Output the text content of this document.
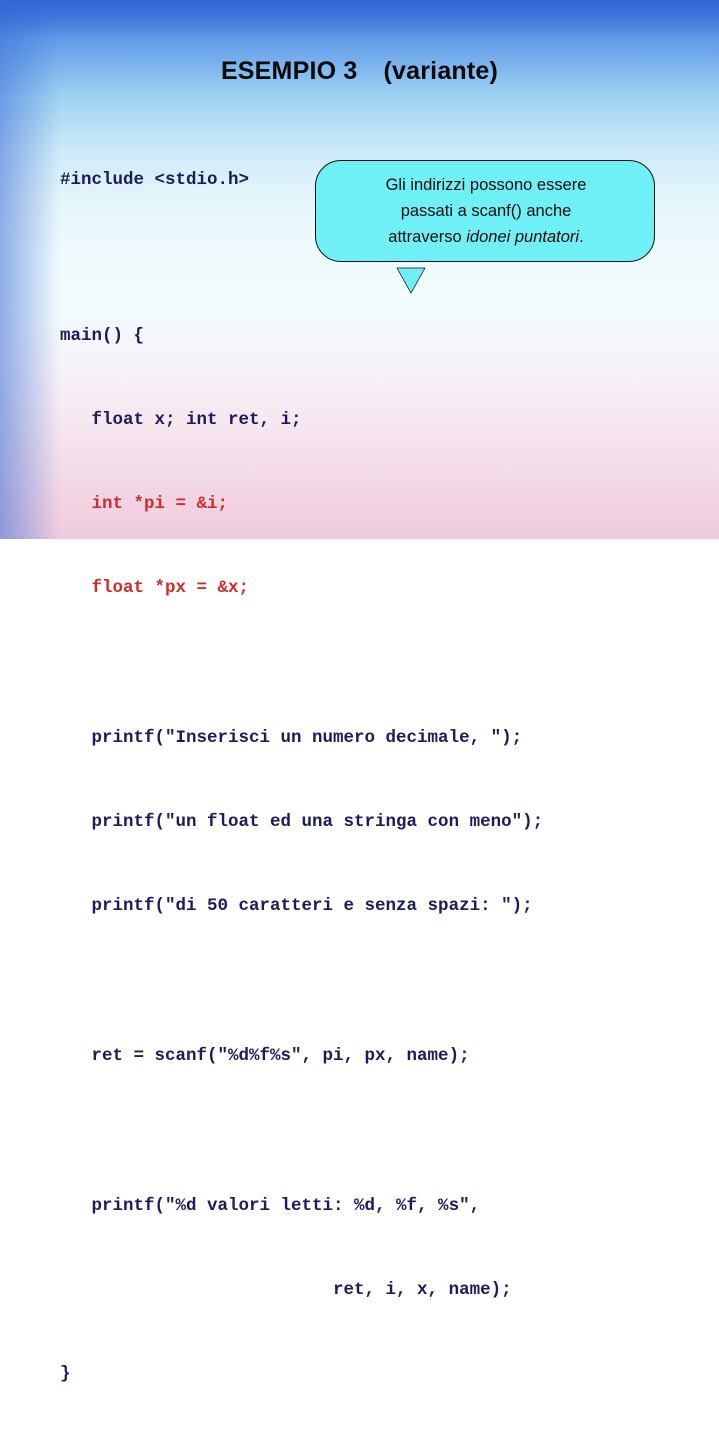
ESEMPIO 3 (variante)

#include <stdio.h>

main() {

float x; int ret, i;

int *pi = &i;

float *px = &x;

printf("Inserisci un numero decimale, ");

printf("un float ed una stringa con meno");

printf("di 50 caratteri e senza spazi: ");

ret = scanf("%d%f%s", pi, px, name);

printf("%d valori letti: %d, %f, %s",

ret, i, x, name);

}

Gli indirizzi possono essere
passati a scanf() anche
attraverso idonei puntatori.
